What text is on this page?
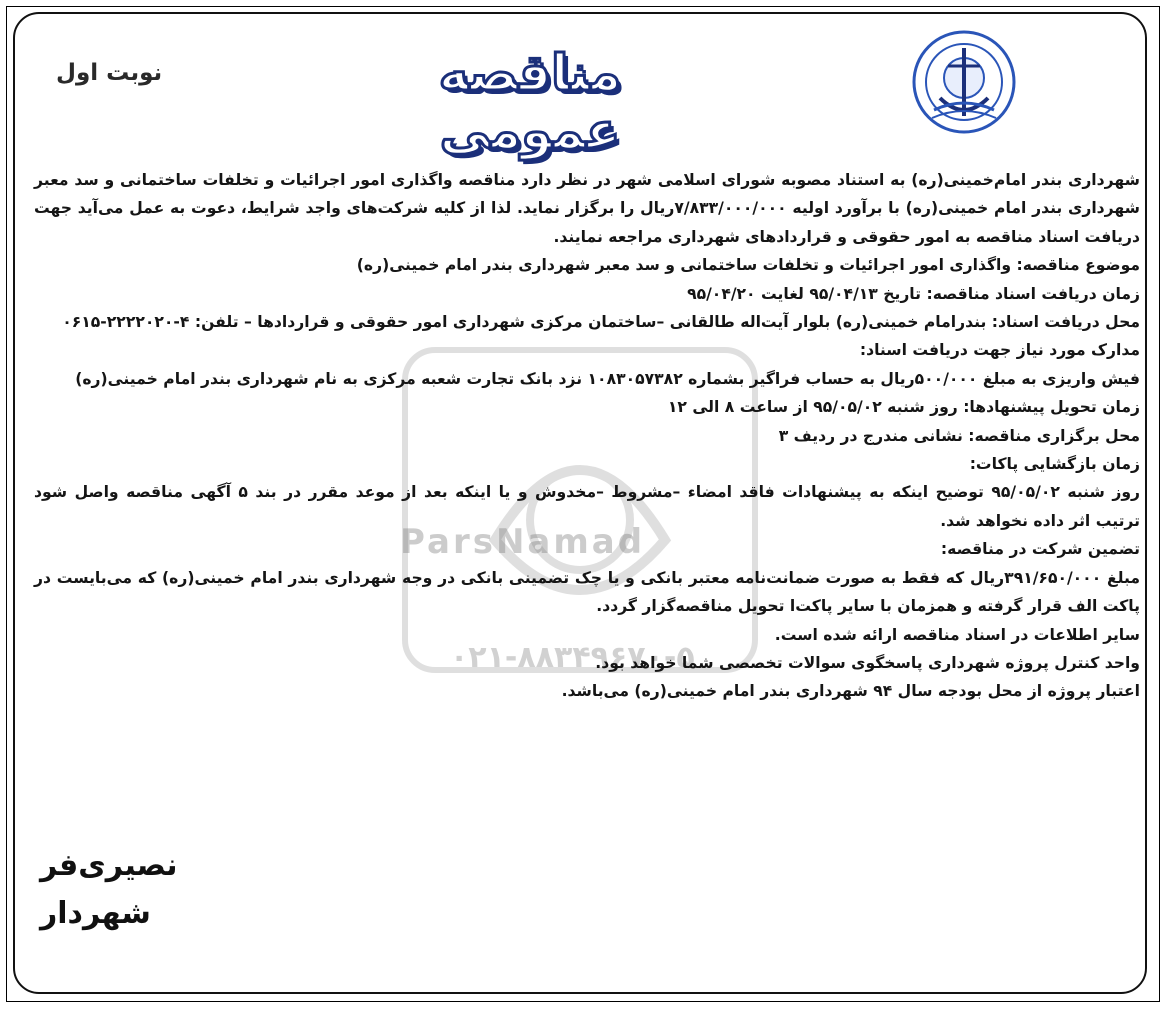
مناقصه عمومی
نوبت اول
ParsNamad
۰۲۱-۸۸۳۴۹۶۷۰-۵

شهرداری بندر امام‌خمینی(ره) به استناد مصوبه شورای اسلامی شهر در نظر دارد مناقصه واگذاری امور اجرائیات و تخلفات ساختمانی و سد معبر شهرداری بندر امام خمینی(ره) با برآورد اولیه ۷/۸۳۳/۰۰۰/۰۰۰ریال را برگزار نماید. لذا از کلیه شرکت‌های واجد شرایط، دعوت به عمل می‌آید جهت دریافت اسناد مناقصه به امور حقوقی و قراردادهای شهرداری مراجعه نمایند.

موضوع مناقصه: واگذاری امور اجرائیات و تخلفات ساختمانی و سد معبر شهرداری بندر امام خمینی(ره)

زمان دریافت اسناد مناقصه: تاریخ ۹۵/۰۴/۱۳ لغایت ۹۵/۰۴/۲۰

محل دریافت اسناد: بندرامام خمینی(ره) بلوار آیت‌اله طالقانی –ساختمان مرکزی شهرداری امور حقوقی و قراردادها – تلفن: ۴-۲۲۲۲۰۲۰-۰۶۱۵

مدارک مورد نیاز جهت دریافت اسناد:

فیش واریزی به مبلغ ۵۰۰/۰۰۰ریال به حساب فراگیر بشماره ۱۰۸۳۰۵۷۳۸۲ نزد بانک تجارت شعبه مرکزی به نام شهرداری بندر امام خمینی(ره)

زمان تحویل پیشنهادها: روز شنبه ۹۵/۰۵/۰۲ از ساعت ۸ الی ۱۲

محل برگزاری مناقصه: نشانی مندرج در ردیف ۳

زمان بازگشایی پاکات:

روز شنبه ۹۵/۰۵/۰۲ توضیح اینکه به پیشنهادات فاقد امضاء –مشروط –مخدوش و یا اینکه بعد از موعد مقرر در بند ۵ آگهی مناقصه واصل شود ترتیب اثر داده نخواهد شد.

تضمین شرکت در مناقصه:

مبلغ ۳۹۱/۶۵۰/۰۰۰ریال که فقط به صورت ضمانت‌نامه معتبر بانکی و یا چک تضمینی بانکی در وجه شهرداری بندر امام خمینی(ره) که می‌بایست در پاکت الف قرار گرفته و همزمان با سایر پاکت‌ا تحویل مناقصه‌گزار گردد.

سایر اطلاعات در اسناد مناقصه ارائه شده است.

واحد کنترل پروژه شهرداری پاسخگوی سوالات تخصصی شما خواهد بود.

اعتبار پروژه از محل بودجه سال ۹۴ شهرداری بندر امام خمینی(ره) می‌باشد.

نصیری‌فر
شهردار
